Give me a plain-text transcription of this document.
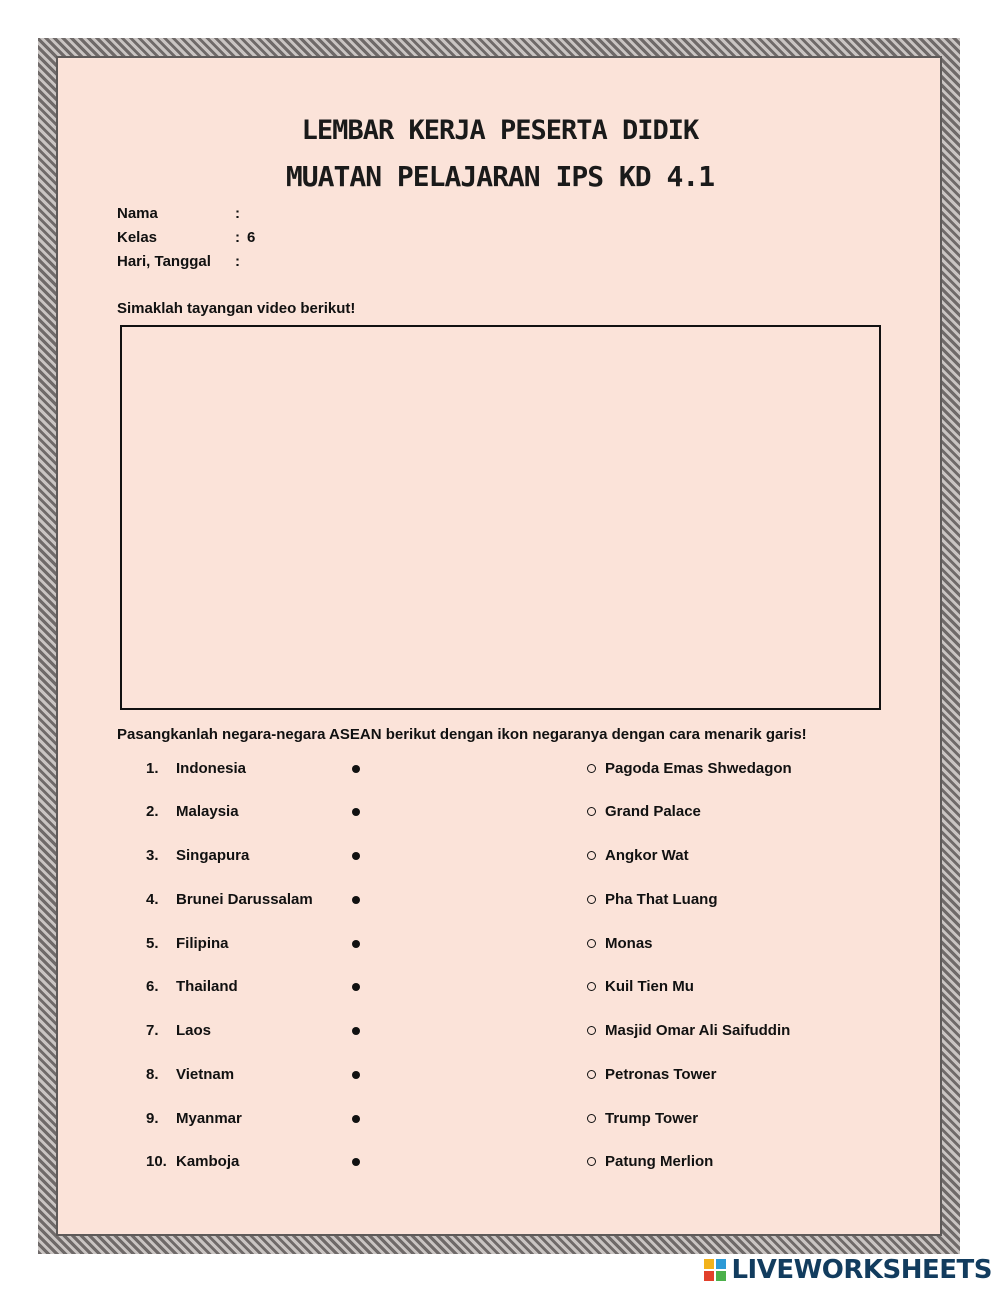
LEMBAR KERJA PESERTA DIDIK
MUATAN PELAJARAN IPS KD 4.1
Nama	:
Kelas	: 6
Hari, Tanggal :
Simaklah tayangan video berikut!
Pasangkanlah negara-negara ASEAN berikut dengan ikon negaranya dengan cara menarik garis!
1. Indonesia	Pagoda Emas Shwedagon
2. Malaysia	Grand Palace
3. Singapura	Angkor Wat
4. Brunei Darussalam	Pha That Luang
5. Filipina	Monas
6. Thailand	Kuil Tien Mu
7. Laos	Masjid Omar Ali Saifuddin
8. Vietnam	Petronas Tower
9. Myanmar	Trump Tower
10. Kamboja	Patung Merlion
LIVEWORKSHEETS
